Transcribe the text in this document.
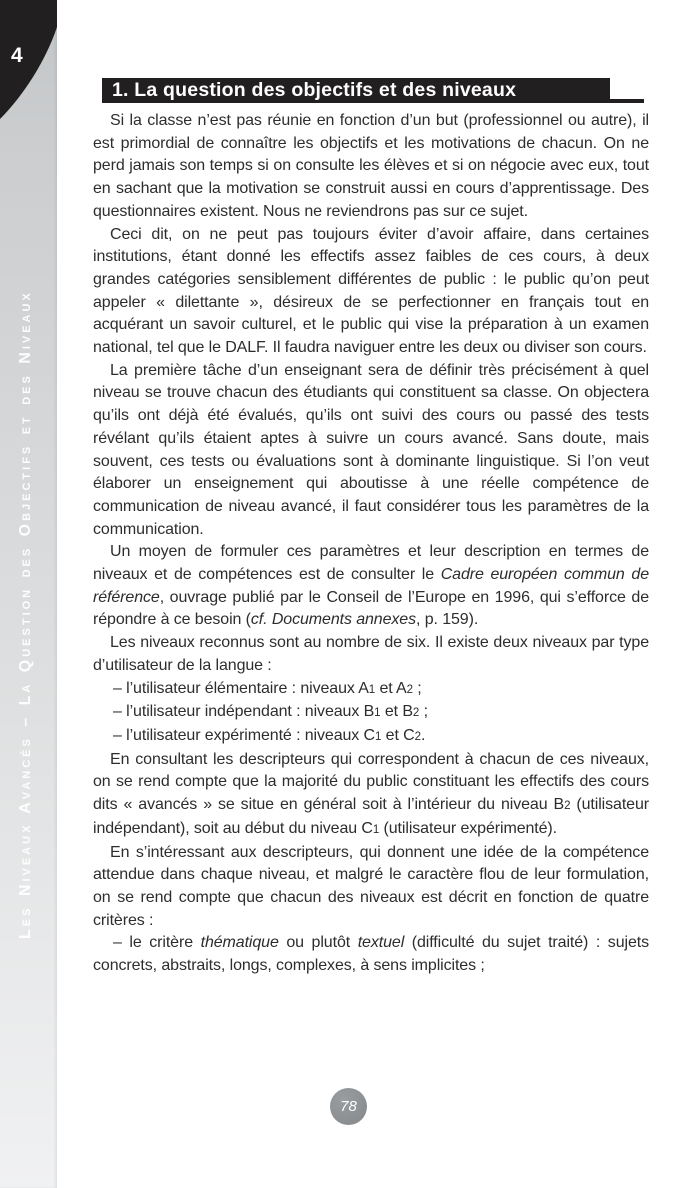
4
Les Niveaux Avancés – La Question des Objectifs et des Niveaux
1. La question des objectifs et des niveaux

Si la classe n’est pas réunie en fonction d’un but (professionnel ou autre), il est primordial de connaître les objectifs et les motivations de chacun. On ne perd jamais son temps si on consulte les élèves et si on négocie avec eux, tout en sachant que la motivation se construit aussi en cours d’apprentissage. Des questionnaires existent. Nous ne reviendrons pas sur ce sujet.

Ceci dit, on ne peut pas toujours éviter d’avoir affaire, dans certaines institutions, étant donné les effectifs assez faibles de ces cours, à deux grandes catégories sensiblement différentes de public : le public qu’on peut appeler « dilettante », désireux de se perfectionner en français tout en acquérant un savoir culturel, et le public qui vise la préparation à un examen national, tel que le DALF. Il faudra naviguer entre les deux ou diviser son cours.

La première tâche d’un enseignant sera de définir très précisément à quel niveau se trouve chacun des étudiants qui constituent sa classe. On objectera qu’ils ont déjà été évalués, qu’ils ont suivi des cours ou passé des tests révélant qu’ils étaient aptes à suivre un cours avancé. Sans doute, mais souvent, ces tests ou évaluations sont à dominante linguistique. Si l’on veut élaborer un enseignement qui aboutisse à une réelle compétence de communication de niveau avancé, il faut considérer tous les paramètres de la communication.

Un moyen de formuler ces paramètres et leur description en termes de niveaux et de compétences est de consulter le Cadre européen commun de référence, ouvrage publié par le Conseil de l’Europe en 1996, qui s’efforce de répondre à ce besoin (cf. Documents annexes, p. 159).

Les niveaux reconnus sont au nombre de six. Il existe deux niveaux par type d’utilisateur de la langue :

– l’utilisateur élémentaire : niveaux A1 et A2 ;

– l’utilisateur indépendant : niveaux B1 et B2 ;

– l’utilisateur expérimenté : niveaux C1 et C2.

En consultant les descripteurs qui correspondent à chacun de ces niveaux, on se rend compte que la majorité du public constituant les effectifs des cours dits « avancés » se situe en général soit à l’intérieur du niveau B2 (utilisateur indépendant), soit au début du niveau C1 (utilisateur expérimenté).

En s’intéressant aux descripteurs, qui donnent une idée de la compétence attendue dans chaque niveau, et malgré le caractère flou de leur formulation, on se rend compte que chacun des niveaux est décrit en fonction de quatre critères :

– le critère thématique ou plutôt textuel (difficulté du sujet traité) : sujets concrets, abstraits, longs, complexes, à sens implicites ;

78
